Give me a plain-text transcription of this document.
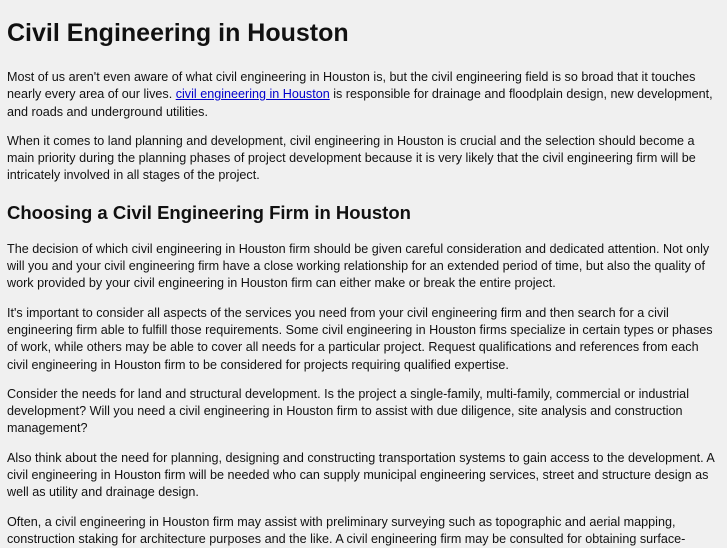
Civil Engineering in Houston

Most of us aren't even aware of what civil engineering in Houston is, but the civil engineering field is so broad that it touches nearly every area of our lives. civil engineering in Houston is responsible for drainage and floodplain design, new development, and roads and underground utilities.

When it comes to land planning and development, civil engineering in Houston is crucial and the selection should become a main priority during the planning phases of project development because it is very likely that the civil engineering firm will be intricately involved in all stages of the project.

Choosing a Civil Engineering Firm in Houston

The decision of which civil engineering in Houston firm should be given careful consideration and dedicated attention. Not only will you and your civil engineering firm have a close working relationship for an extended period of time, but also the quality of work provided by your civil engineering in Houston firm can either make or break the entire project.

It's important to consider all aspects of the services you need from your civil engineering firm and then search for a civil engineering firm able to fulfill those requirements. Some civil engineering in Houston firms specialize in certain types or phases of work, while others may be able to cover all needs for a particular project. Request qualifications and references from each civil engineering in Houston firm to be considered for projects requiring qualified expertise.

Consider the needs for land and structural development. Is the project a single-family, multi-family, commercial or industrial development? Will you need a civil engineering in Houston firm to assist with due diligence, site analysis and construction management?

Also think about the need for planning, designing and constructing transportation systems to gain access to the development. A civil engineering in Houston firm will be needed who can supply municipal engineering services, street and structure design as well as utility and drainage design.

Often, a civil engineering in Houston firm may assist with preliminary surveying such as topographic and aerial mapping, construction staking for architecture purposes and the like. A civil engineering firm may be consulted for obtaining surface-
